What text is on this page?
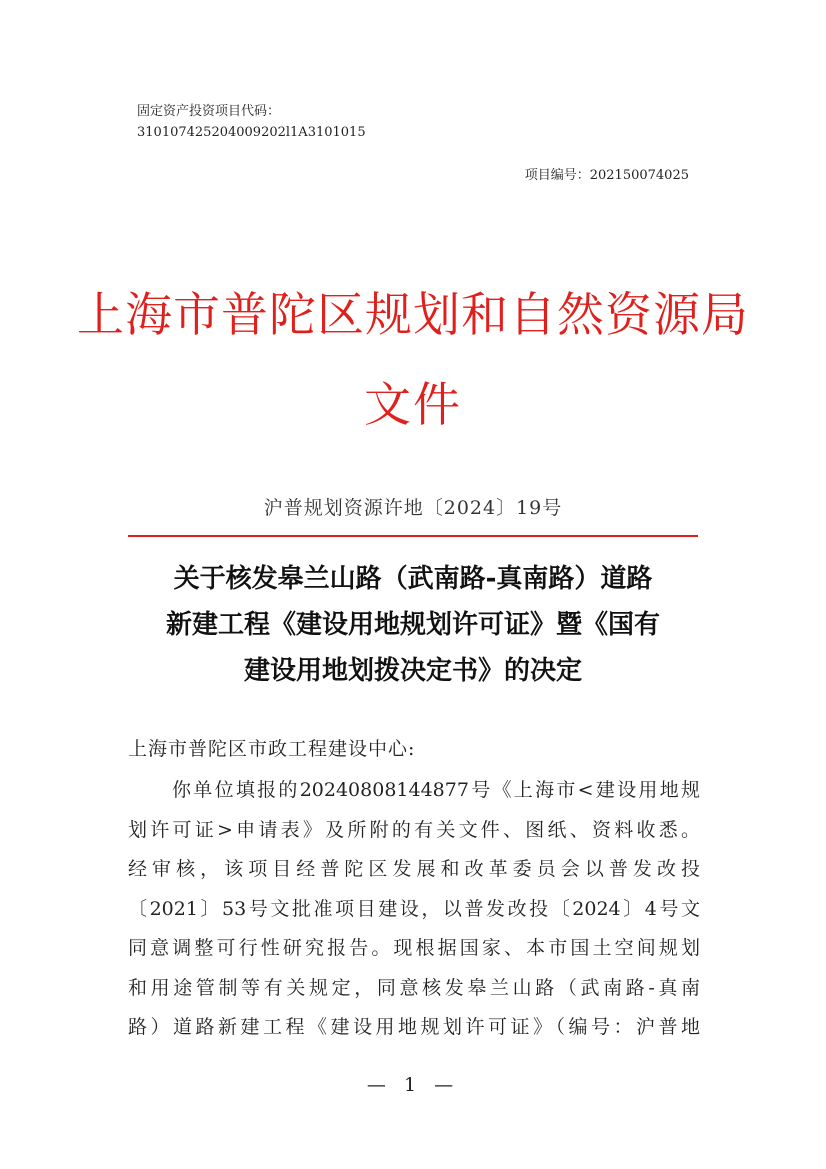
固定资产投资项目代码：
310107425204009202l1A3101015
项目编号：202150074025
上海市普陀区规划和自然资源局
文件
沪普规划资源许地〔2024〕19号
关于核发皋兰山路（武南路-真南路）道路
新建工程《建设用地规划许可证》暨《国有
建设用地划拨决定书》的决定
上海市普陀区市政工程建设中心:
你单位填报的20240808144877号《上海市<建设用地规
划许可证>申请表》及所附的有关文件、图纸、资料收悉。
经审核，该项目经普陀区发展和改革委员会以普发改投
〔2021〕53号文批准项目建设，以普发改投〔2024〕4号文
同意调整可行性研究报告。现根据国家、本市国土空间规划
和用途管制等有关规定，同意核发皋兰山路（武南路-真南
路）道路新建工程《建设用地规划许可证》（编号：沪普地
— 1 —
